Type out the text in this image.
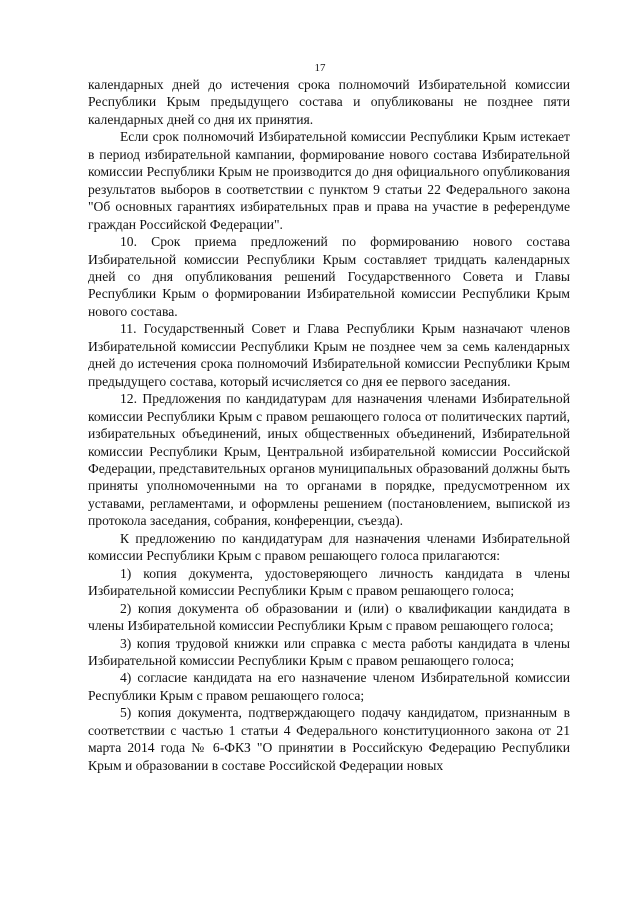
17

календарных дней до истечения срока полномочий Избирательной комиссии Республики Крым предыдущего состава и опубликованы не позднее пяти календарных дней со дня их принятия.

Если срок полномочий Избирательной комиссии Республики Крым истекает в период избирательной кампании, формирование нового состава Избирательной комиссии Республики Крым не производится до дня официального опубликования результатов выборов в соответствии с пунктом 9 статьи 22 Федерального закона "Об основных гарантиях избирательных прав и права на участие в референдуме граждан Российской Федерации".

10. Срок приема предложений по формированию нового состава Избирательной комиссии Республики Крым составляет тридцать календарных дней со дня опубликования решений Государственного Совета и Главы Республики Крым о формировании Избирательной комиссии Республики Крым нового состава.

11. Государственный Совет и Глава Республики Крым назначают членов Избирательной комиссии Республики Крым не позднее чем за семь календарных дней до истечения срока полномочий Избирательной комиссии Республики Крым предыдущего состава, который исчисляется со дня ее первого заседания.

12. Предложения по кандидатурам для назначения членами Избирательной комиссии Республики Крым с правом решающего голоса от политических партий, избирательных объединений, иных общественных объединений, Избирательной комиссии Республики Крым, Центральной избирательной комиссии Российской Федерации, представительных органов муниципальных образований должны быть приняты уполномоченными на то органами в порядке, предусмотренном их уставами, регламентами, и оформлены решением (постановлением, выпиской из протокола заседания, собрания, конференции, съезда).

К предложению по кандидатурам для назначения членами Избирательной комиссии Республики Крым с правом решающего голоса прилагаются:

1) копия документа, удостоверяющего личность кандидата в члены Избирательной комиссии Республики Крым с правом решающего голоса;

2) копия документа об образовании и (или) о квалификации кандидата в члены Избирательной комиссии Республики Крым с правом решающего голоса;

3) копия трудовой книжки или справка с места работы кандидата в члены Избирательной комиссии Республики Крым с правом решающего голоса;

4) согласие кандидата на его назначение членом Избирательной комиссии Республики Крым с правом решающего голоса;

5) копия документа, подтверждающего подачу кандидатом, признанным в соответствии с частью 1 статьи 4 Федерального конституционного закона от 21 марта 2014 года № 6-ФКЗ "О принятии в Российскую Федерацию Республики Крым и образовании в составе Российской Федерации новых
